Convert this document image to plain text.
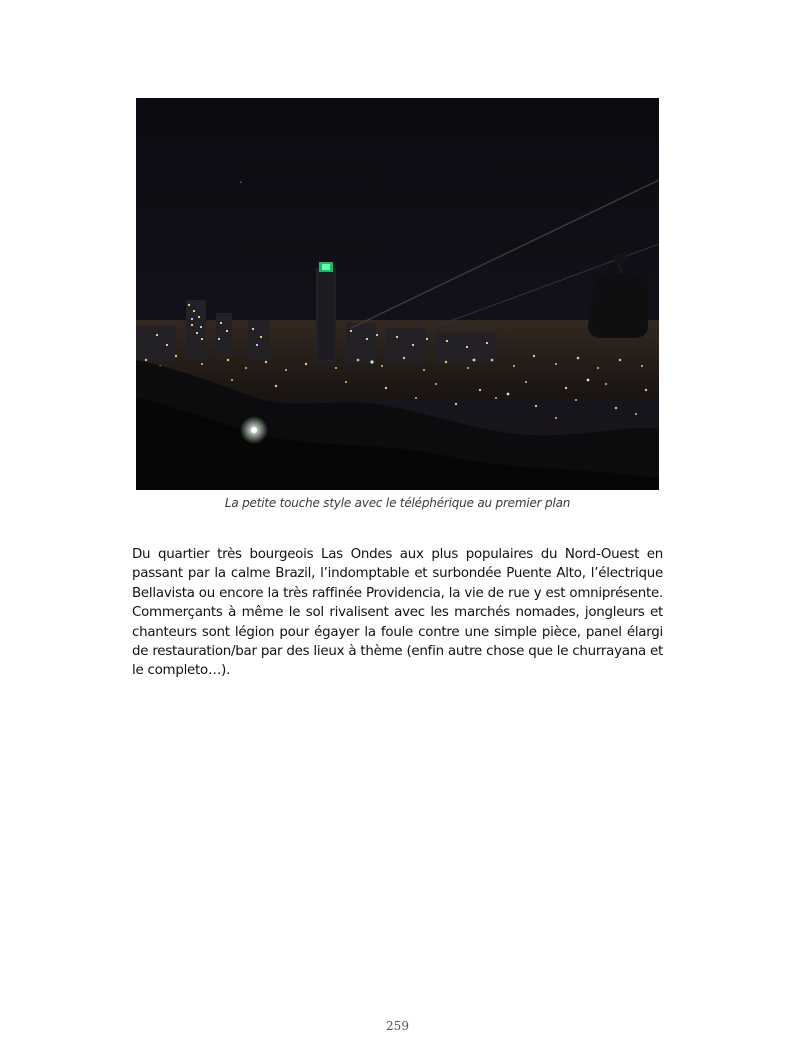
La petite touche style avec le téléphérique au premier plan

Du quartier très bourgeois Las Ondes aux plus populaires du Nord-Ouest en passant par la calme Brazil, l’indomptable et surbondée Puente Alto, l’électrique Bellavista ou encore la très raffinée Providencia, la vie de rue y est omniprésente. Commerçants à même le sol rivalisent avec les marchés nomades, jongleurs et chanteurs sont légion pour égayer la foule contre une simple pièce, panel élargi de restauration/bar par des lieux à thème (enfin autre chose que le churrayana et le completo…).

259
